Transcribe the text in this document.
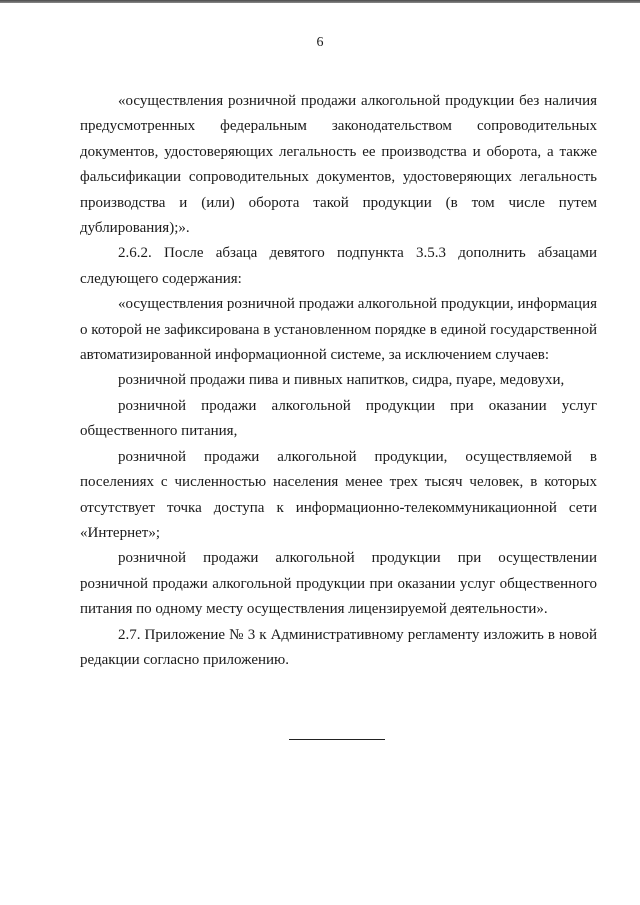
6

«осуществления розничной продажи алкогольной продукции без наличия предусмотренных федеральным законодательством сопроводительных документов, удостоверяющих легальность ее производства и оборота, а также фальсификации сопроводительных документов, удостоверяющих легальность производства и (или) оборота такой продукции (в том числе путем дублирования);».

2.6.2. После абзаца девятого подпункта 3.5.3 дополнить абзацами следующего содержания:

«осуществления розничной продажи алкогольной продукции, информация о которой не зафиксирована в установленном порядке в единой государственной автоматизированной информационной системе, за исключением случаев:

розничной продажи пива и пивных напитков, сидра, пуаре, медовухи,

розничной продажи алкогольной продукции при оказании услуг общественного питания,

розничной продажи алкогольной продукции, осуществляемой в поселениях с численностью населения менее трех тысяч человек, в которых отсутствует точка доступа к информационно-телекоммуникационной сети «Интернет»;

розничной продажи алкогольной продукции при осуществлении розничной продажи алкогольной продукции при оказании услуг общественного питания по одному месту осуществления лицензируемой деятельности».

2.7. Приложение № 3 к Административному регламенту изложить в новой редакции согласно приложению.
